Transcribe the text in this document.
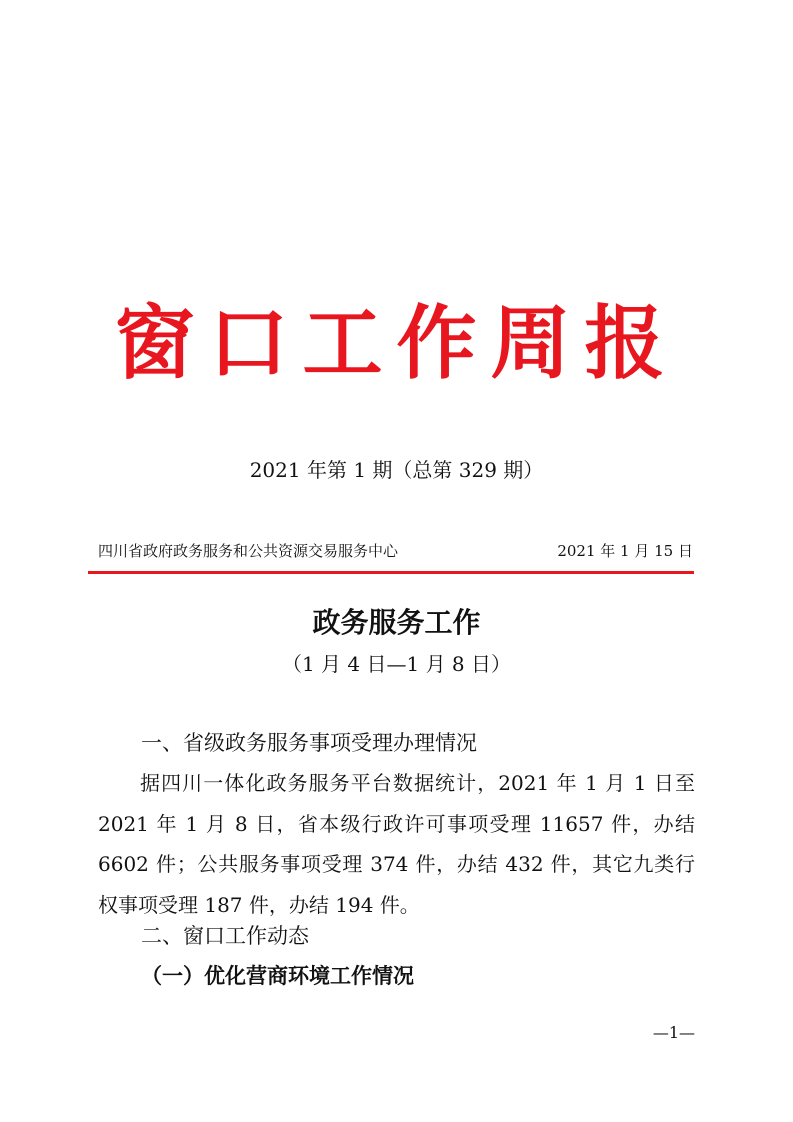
窗口工作周报
2021 年第 1 期（总第 329 期）
四川省政府政务服务和公共资源交易服务中心	2021 年 1 月 15 日
政务服务工作
（1 月 4 日—1 月 8 日）
一、省级政务服务事项受理办理情况

据四川一体化政务服务平台数据统计，2021 年 1 月 1 日至 2021 年 1 月 8 日，省本级行政许可事项受理 11657 件，办结 6602 件；公共服务事项受理 374 件，办结 432 件，其它九类行权事项受理 187 件，办结 194 件。

二、窗口工作动态
（一）优化营商环境工作情况
—1—
